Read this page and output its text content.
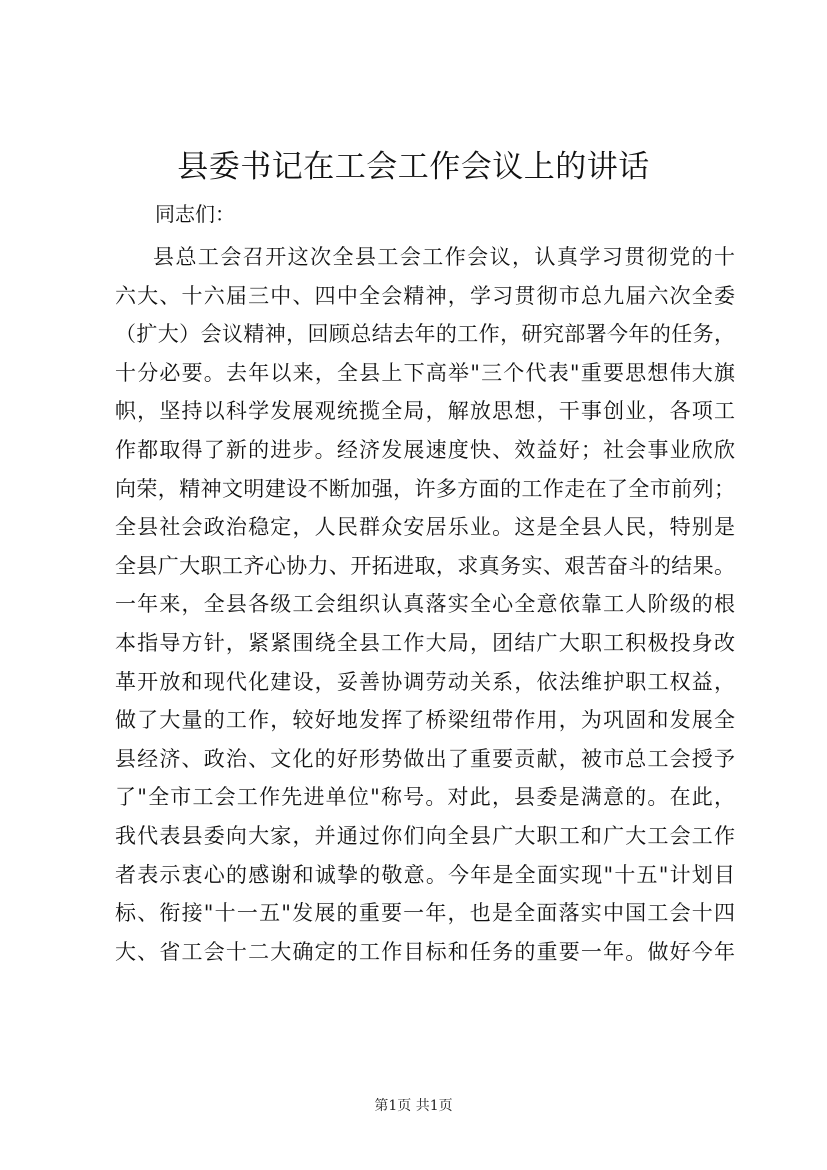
县委书记在工会工作会议上的讲话

同志们：

县总工会召开这次全县工会工作会议，认真学习贯彻党的十
六大、十六届三中、四中全会精神，学习贯彻市总九届六次全委
（扩大）会议精神，回顾总结去年的工作，研究部署今年的任务，
十分必要。去年以来，全县上下高举"三个代表"重要思想伟大旗
帜，坚持以科学发展观统揽全局，解放思想，干事创业，各项工
作都取得了新的进步。经济发展速度快、效益好；社会事业欣欣
向荣，精神文明建设不断加强，许多方面的工作走在了全市前列；
全县社会政治稳定，人民群众安居乐业。这是全县人民，特别是
全县广大职工齐心协力、开拓进取，求真务实、艰苦奋斗的结果。
一年来，全县各级工会组织认真落实全心全意依靠工人阶级的根
本指导方针，紧紧围绕全县工作大局，团结广大职工积极投身改
革开放和现代化建设，妥善协调劳动关系，依法维护职工权益，
做了大量的工作，较好地发挥了桥梁纽带作用，为巩固和发展全
县经济、政治、文化的好形势做出了重要贡献，被市总工会授予
了"全市工会工作先进单位"称号。对此，县委是满意的。在此，
我代表县委向大家，并通过你们向全县广大职工和广大工会工作
者表示衷心的感谢和诚挚的敬意。今年是全面实现"十五"计划目
标、衔接"十一五"发展的重要一年，也是全面落实中国工会十四
大、省工会十二大确定的工作目标和任务的重要一年。做好今年
第1页 共1页
